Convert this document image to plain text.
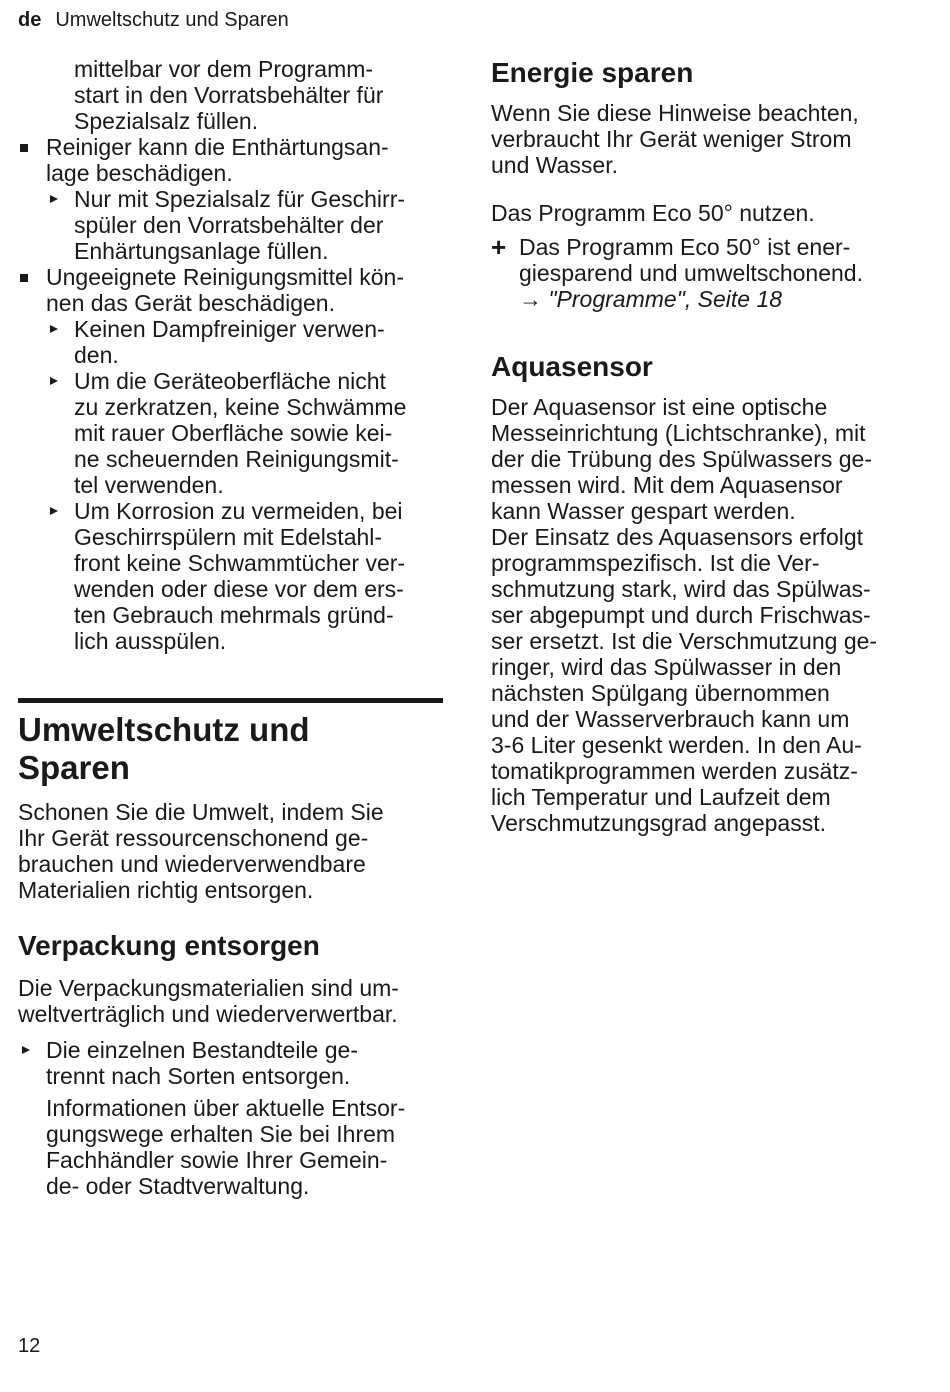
de Umweltschutz und Sparen

mittelbar vor dem Programm-
start in den Vorratsbehälter für
Spezialsalz füllen.

Reiniger kann die Enthärtungsan-
lage beschädigen.
Nur mit Spezialsalz für Geschirr-
spüler den Vorratsbehälter der
Enhärtungsanlage füllen.
Ungeeignete Reinigungsmittel kön-
nen das Gerät beschädigen.
Keinen Dampfreiniger verwen-
den.
Um die Geräteoberfläche nicht
zu zerkratzen, keine Schwämme
mit rauer Oberfläche sowie kei-
ne scheuernden Reinigungsmit-
tel verwenden.
Um Korrosion zu vermeiden, bei
Geschirrspülern mit Edelstahl-
front keine Schwammtücher ver-
wenden oder diese vor dem ers-
ten Gebrauch mehrmals gründ-
lich ausspülen.
Umweltschutz und
Sparen

Schonen Sie die Umwelt, indem Sie
Ihr Gerät ressourcenschonend ge-
brauchen und wiederverwendbare
Materialien richtig entsorgen.

Verpackung entsorgen

Die Verpackungsmaterialien sind um-
weltverträglich und wiederverwertbar.

Die einzelnen Bestandteile ge-
trennt nach Sorten entsorgen.

Informationen über aktuelle Entsor-
gungswege erhalten Sie bei Ihrem
Fachhändler sowie Ihrer Gemein-
de- oder Stadtverwaltung.

Energie sparen

Wenn Sie diese Hinweise beachten,
verbraucht Ihr Gerät weniger Strom
und Wasser.

Das Programm Eco 50° nutzen.

+ Das Programm Eco 50° ist ener-
giesparend und umweltschonend.

→ "Programme", Seite 18

Aquasensor

Der Aquasensor ist eine optische
Messeinrichtung (Lichtschranke), mit
der die Trübung des Spülwassers ge-
messen wird. Mit dem Aquasensor
kann Wasser gespart werden.

Der Einsatz des Aquasensors erfolgt
programmspezifisch. Ist die Ver-
schmutzung stark, wird das Spülwas-
ser abgepumpt und durch Frischwas-
ser ersetzt. Ist die Verschmutzung ge-
ringer, wird das Spülwasser in den
nächsten Spülgang übernommen
und der Wasserverbrauch kann um
3-6 Liter gesenkt werden. In den Au-
tomatikprogrammen werden zusätz-
lich Temperatur und Laufzeit dem
Verschmutzungsgrad angepasst.

12
